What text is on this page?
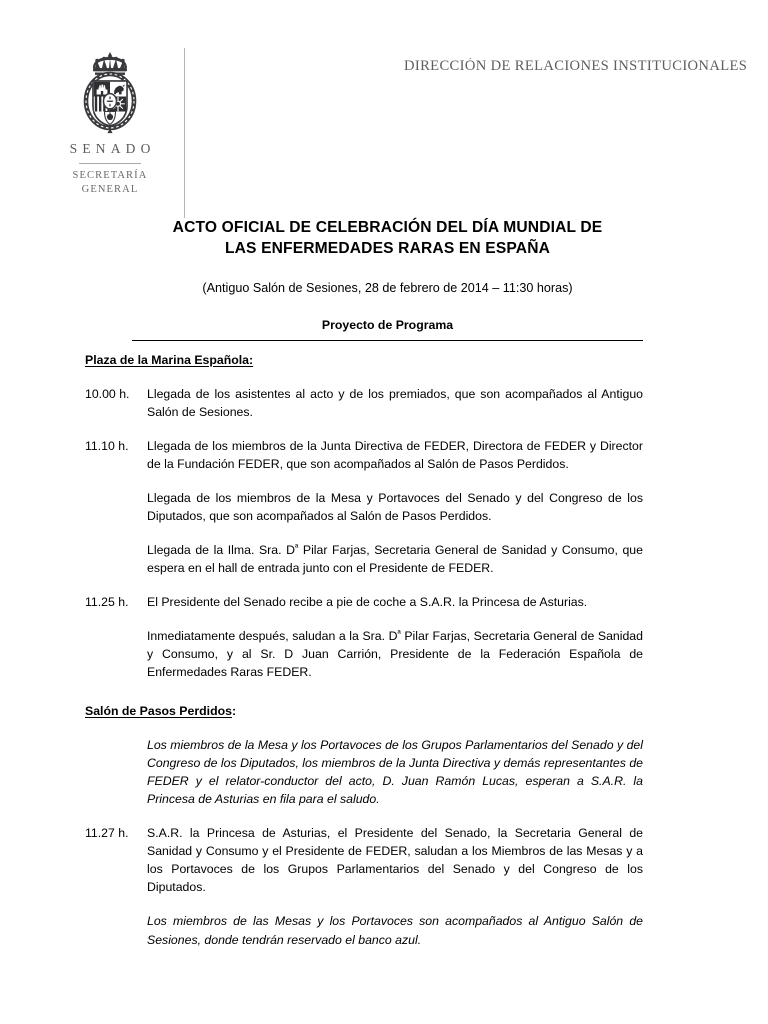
SENADO
SECRETARÍA
GENERAL
DIRECCIÓN DE RELACIONES INSTITUCIONALES
ACTO OFICIAL DE CELEBRACIÓN DEL DÍA MUNDIAL DE
LAS ENFERMEDADES RARAS EN ESPAÑA
(Antiguo Salón de Sesiones, 28 de febrero de 2014 – 11:30 horas)
Proyecto de Programa
Plaza de la Marina Española:
10.00 h.	Llegada de los asistentes al acto y de los premiados, que son acompañados al Antiguo Salón de Sesiones.
11.10 h.	Llegada de los miembros de la Junta Directiva de FEDER, Directora de FEDER y Director de la Fundación FEDER, que son acompañados al Salón de Pasos Perdidos.
Llegada de los miembros de la Mesa y Portavoces del Senado y del Congreso de los Diputados, que son acompañados al Salón de Pasos Perdidos.
Llegada de la Ilma. Sra. $D^ª$ Pilar Farjas, Secretaria General de Sanidad y Consumo, que espera en el hall de entrada junto con el Presidente de FEDER.
11.25 h.	El Presidente del Senado recibe a pie de coche a S.A.R. la Princesa de Asturias.
Inmediatamente después, saludan a la Sra. $D^ª$ Pilar Farjas, Secretaria General de Sanidad y Consumo, y al Sr. D Juan Carrión, Presidente de la Federación Española de Enfermedades Raras FEDER.
Salón de Pasos Perdidos:
Los miembros de la Mesa y los Portavoces de los Grupos Parlamentarios del Senado y del Congreso de los Diputados, los miembros de la Junta Directiva y demás representantes de FEDER y el relator-conductor del acto, D. Juan Ramón Lucas, esperan a S.A.R. la Princesa de Asturias en fila para el saludo.
11.27 h.	S.A.R. la Princesa de Asturias, el Presidente del Senado, la Secretaria General de Sanidad y Consumo y el Presidente de FEDER, saludan a los Miembros de las Mesas y a los Portavoces de los Grupos Parlamentarios del Senado y del Congreso de los Diputados.
Los miembros de las Mesas y los Portavoces son acompañados al Antiguo Salón de Sesiones, donde tendrán reservado el banco azul.
